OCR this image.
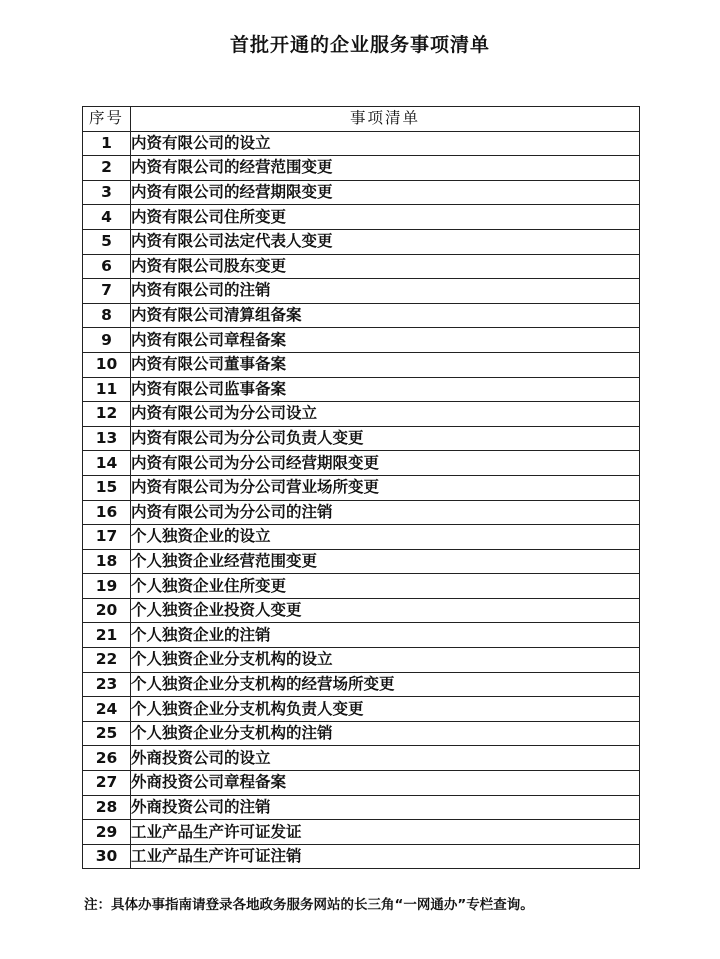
首批开通的企业服务事项清单
序号	事项清单
1	内资有限公司的设立
2	内资有限公司的经营范围变更
3	内资有限公司的经营期限变更
4	内资有限公司住所变更
5	内资有限公司法定代表人变更
6	内资有限公司股东变更
7	内资有限公司的注销
8	内资有限公司清算组备案
9	内资有限公司章程备案
10	内资有限公司董事备案
11	内资有限公司监事备案
12	内资有限公司为分公司设立
13	内资有限公司为分公司负责人变更
14	内资有限公司为分公司经营期限变更
15	内资有限公司为分公司营业场所变更
16	内资有限公司为分公司的注销
17	个人独资企业的设立
18	个人独资企业经营范围变更
19	个人独资企业住所变更
20	个人独资企业投资人变更
21	个人独资企业的注销
22	个人独资企业分支机构的设立
23	个人独资企业分支机构的经营场所变更
24	个人独资企业分支机构负责人变更
25	个人独资企业分支机构的注销
26	外商投资公司的设立
27	外商投资公司章程备案
28	外商投资公司的注销
29	工业产品生产许可证发证
30	工业产品生产许可证注销
注：具体办事指南请登录各地政务服务网站的长三角“一网通办”专栏查询。
